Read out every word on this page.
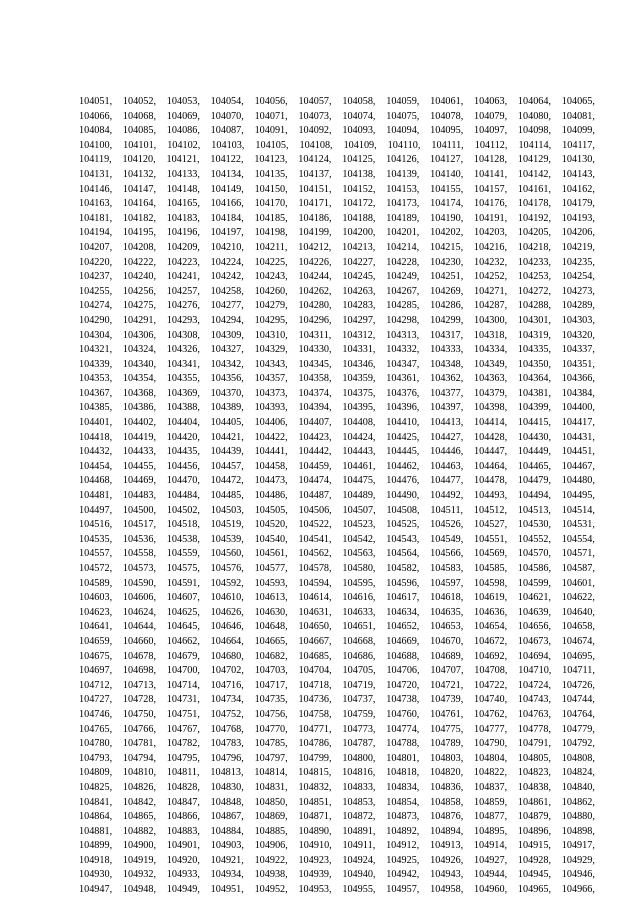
104051, 104052, 104053, 104054, 104056, 104057, 104058, 104059, 104061, 104063, 104064, 104065,
104066, 104068, 104069, 104070, 104071, 104073, 104074, 104075, 104078, 104079, 104080, 104081,
104084, 104085, 104086, 104087, 104091, 104092, 104093, 104094, 104095, 104097, 104098, 104099,
104100, 104101, 104102, 104103, 104105, 104108, 104109, 104110, 104111, 104112, 104114, 104117,
104119, 104120, 104121, 104122, 104123, 104124, 104125, 104126, 104127, 104128, 104129, 104130,
104131, 104132, 104133, 104134, 104135, 104137, 104138, 104139, 104140, 104141, 104142, 104143,
104146, 104147, 104148, 104149, 104150, 104151, 104152, 104153, 104155, 104157, 104161, 104162,
104163, 104164, 104165, 104166, 104170, 104171, 104172, 104173, 104174, 104176, 104178, 104179,
104181, 104182, 104183, 104184, 104185, 104186, 104188, 104189, 104190, 104191, 104192, 104193,
104194, 104195, 104196, 104197, 104198, 104199, 104200, 104201, 104202, 104203, 104205, 104206,
104207, 104208, 104209, 104210, 104211, 104212, 104213, 104214, 104215, 104216, 104218, 104219,
104220, 104222, 104223, 104224, 104225, 104226, 104227, 104228, 104230, 104232, 104233, 104235,
104237, 104240, 104241, 104242, 104243, 104244, 104245, 104249, 104251, 104252, 104253, 104254,
104255, 104256, 104257, 104258, 104260, 104262, 104263, 104267, 104269, 104271, 104272, 104273,
104274, 104275, 104276, 104277, 104279, 104280, 104283, 104285, 104286, 104287, 104288, 104289,
104290, 104291, 104293, 104294, 104295, 104296, 104297, 104298, 104299, 104300, 104301, 104303,
104304, 104306, 104308, 104309, 104310, 104311, 104312, 104313, 104317, 104318, 104319, 104320,
104321, 104324, 104326, 104327, 104329, 104330, 104331, 104332, 104333, 104334, 104335, 104337,
104339, 104340, 104341, 104342, 104343, 104345, 104346, 104347, 104348, 104349, 104350, 104351,
104353, 104354, 104355, 104356, 104357, 104358, 104359, 104361, 104362, 104363, 104364, 104366,
104367, 104368, 104369, 104370, 104373, 104374, 104375, 104376, 104377, 104379, 104381, 104384,
104385, 104386, 104388, 104389, 104393, 104394, 104395, 104396, 104397, 104398, 104399, 104400,
104401, 104402, 104404, 104405, 104406, 104407, 104408, 104410, 104413, 104414, 104415, 104417,
104418, 104419, 104420, 104421, 104422, 104423, 104424, 104425, 104427, 104428, 104430, 104431,
104432, 104433, 104435, 104439, 104441, 104442, 104443, 104445, 104446, 104447, 104449, 104451,
104454, 104455, 104456, 104457, 104458, 104459, 104461, 104462, 104463, 104464, 104465, 104467,
104468, 104469, 104470, 104472, 104473, 104474, 104475, 104476, 104477, 104478, 104479, 104480,
104481, 104483, 104484, 104485, 104486, 104487, 104489, 104490, 104492, 104493, 104494, 104495,
104497, 104500, 104502, 104503, 104505, 104506, 104507, 104508, 104511, 104512, 104513, 104514,
104516, 104517, 104518, 104519, 104520, 104522, 104523, 104525, 104526, 104527, 104530, 104531,
104535, 104536, 104538, 104539, 104540, 104541, 104542, 104543, 104549, 104551, 104552, 104554,
104557, 104558, 104559, 104560, 104561, 104562, 104563, 104564, 104566, 104569, 104570, 104571,
104572, 104573, 104575, 104576, 104577, 104578, 104580, 104582, 104583, 104585, 104586, 104587,
104589, 104590, 104591, 104592, 104593, 104594, 104595, 104596, 104597, 104598, 104599, 104601,
104603, 104606, 104607, 104610, 104613, 104614, 104616, 104617, 104618, 104619, 104621, 104622,
104623, 104624, 104625, 104626, 104630, 104631, 104633, 104634, 104635, 104636, 104639, 104640,
104641, 104644, 104645, 104646, 104648, 104650, 104651, 104652, 104653, 104654, 104656, 104658,
104659, 104660, 104662, 104664, 104665, 104667, 104668, 104669, 104670, 104672, 104673, 104674,
104675, 104678, 104679, 104680, 104682, 104685, 104686, 104688, 104689, 104692, 104694, 104695,
104697, 104698, 104700, 104702, 104703, 104704, 104705, 104706, 104707, 104708, 104710, 104711,
104712, 104713, 104714, 104716, 104717, 104718, 104719, 104720, 104721, 104722, 104724, 104726,
104727, 104728, 104731, 104734, 104735, 104736, 104737, 104738, 104739, 104740, 104743, 104744,
104746, 104750, 104751, 104752, 104756, 104758, 104759, 104760, 104761, 104762, 104763, 104764,
104765, 104766, 104767, 104768, 104770, 104771, 104773, 104774, 104775, 104777, 104778, 104779,
104780, 104781, 104782, 104783, 104785, 104786, 104787, 104788, 104789, 104790, 104791, 104792,
104793, 104794, 104795, 104796, 104797, 104799, 104800, 104801, 104803, 104804, 104805, 104808,
104809, 104810, 104811, 104813, 104814, 104815, 104816, 104818, 104820, 104822, 104823, 104824,
104825, 104826, 104828, 104830, 104831, 104832, 104833, 104834, 104836, 104837, 104838, 104840,
104841, 104842, 104847, 104848, 104850, 104851, 104853, 104854, 104858, 104859, 104861, 104862,
104864, 104865, 104866, 104867, 104869, 104871, 104872, 104873, 104876, 104877, 104879, 104880,
104881, 104882, 104883, 104884, 104885, 104890, 104891, 104892, 104894, 104895, 104896, 104898,
104899, 104900, 104901, 104903, 104906, 104910, 104911, 104912, 104913, 104914, 104915, 104917,
104918, 104919, 104920, 104921, 104922, 104923, 104924, 104925, 104926, 104927, 104928, 104929,
104930, 104932, 104933, 104934, 104938, 104939, 104940, 104942, 104943, 104944, 104945, 104946,
104947, 104948, 104949, 104951, 104952, 104953, 104955, 104957, 104958, 104960, 104965, 104966,
